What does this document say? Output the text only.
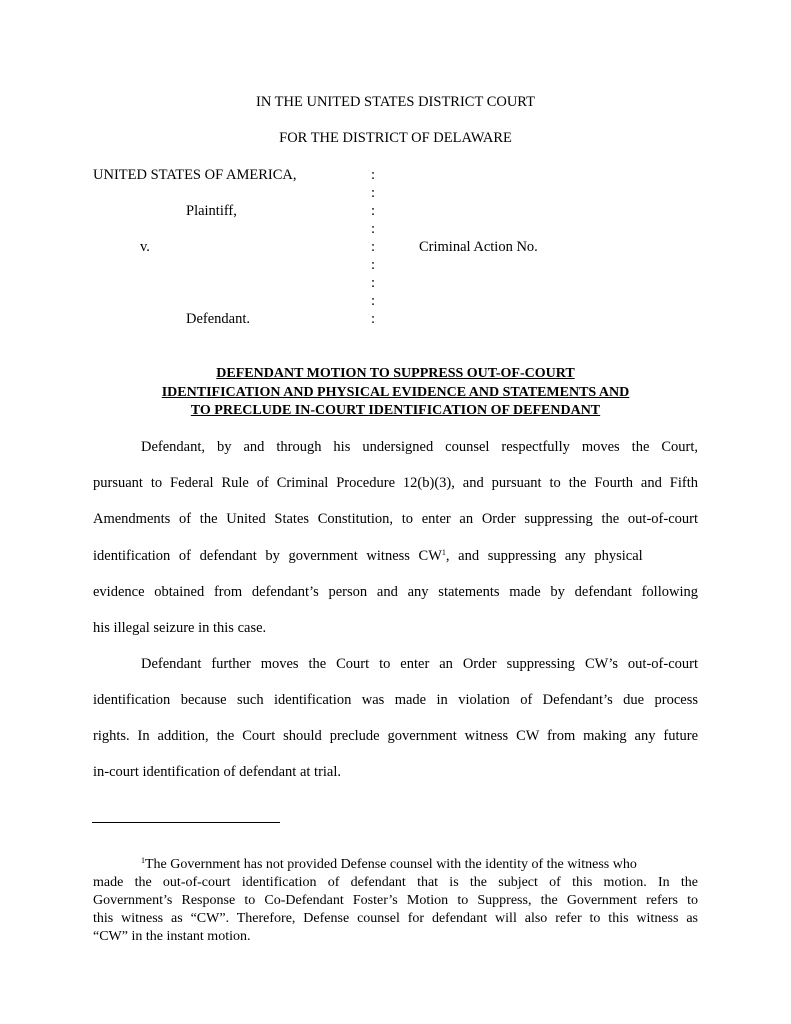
IN THE UNITED STATES DISTRICT COURT
FOR THE DISTRICT OF DELAWARE
UNITED STATES OF AMERICA,
Plaintiff,
v.	Criminal Action No.
Defendant.
:
:
:
:
:
:
:
:
:
DEFENDANT MOTION TO SUPPRESS OUT-OF-COURT
IDENTIFICATION AND PHYSICAL EVIDENCE AND STATEMENTS AND
TO PRECLUDE IN-COURT IDENTIFICATION OF DEFENDANT
Defendant, by and through his undersigned counsel respectfully moves the Court,
pursuant to Federal Rule of Criminal Procedure 12(b)(3), and pursuant to the Fourth and Fifth
Amendments of the United States Constitution, to enter an Order suppressing the out-of-court
identification of defendant by government witness $CW^1$, and suppressing any physical
evidence obtained from defendant’s person and any statements made by defendant following
his illegal seizure in this case.
Defendant further moves the Court to enter an Order suppressing CW’s out-of-court
identification because such identification was made in violation of Defendant’s due process
rights. In addition, the Court should preclude government witness CW from making any future
in-court identification of defendant at trial.
$^1$The Government has not provided Defense counsel with the identity of the witness who
made the out-of-court identification of defendant that is the subject of this motion. In the
Government’s Response to Co-Defendant Foster’s Motion to Suppress, the Government refers to
this witness as “CW”. Therefore, Defense counsel for defendant will also refer to this witness as
“CW” in the instant motion.
